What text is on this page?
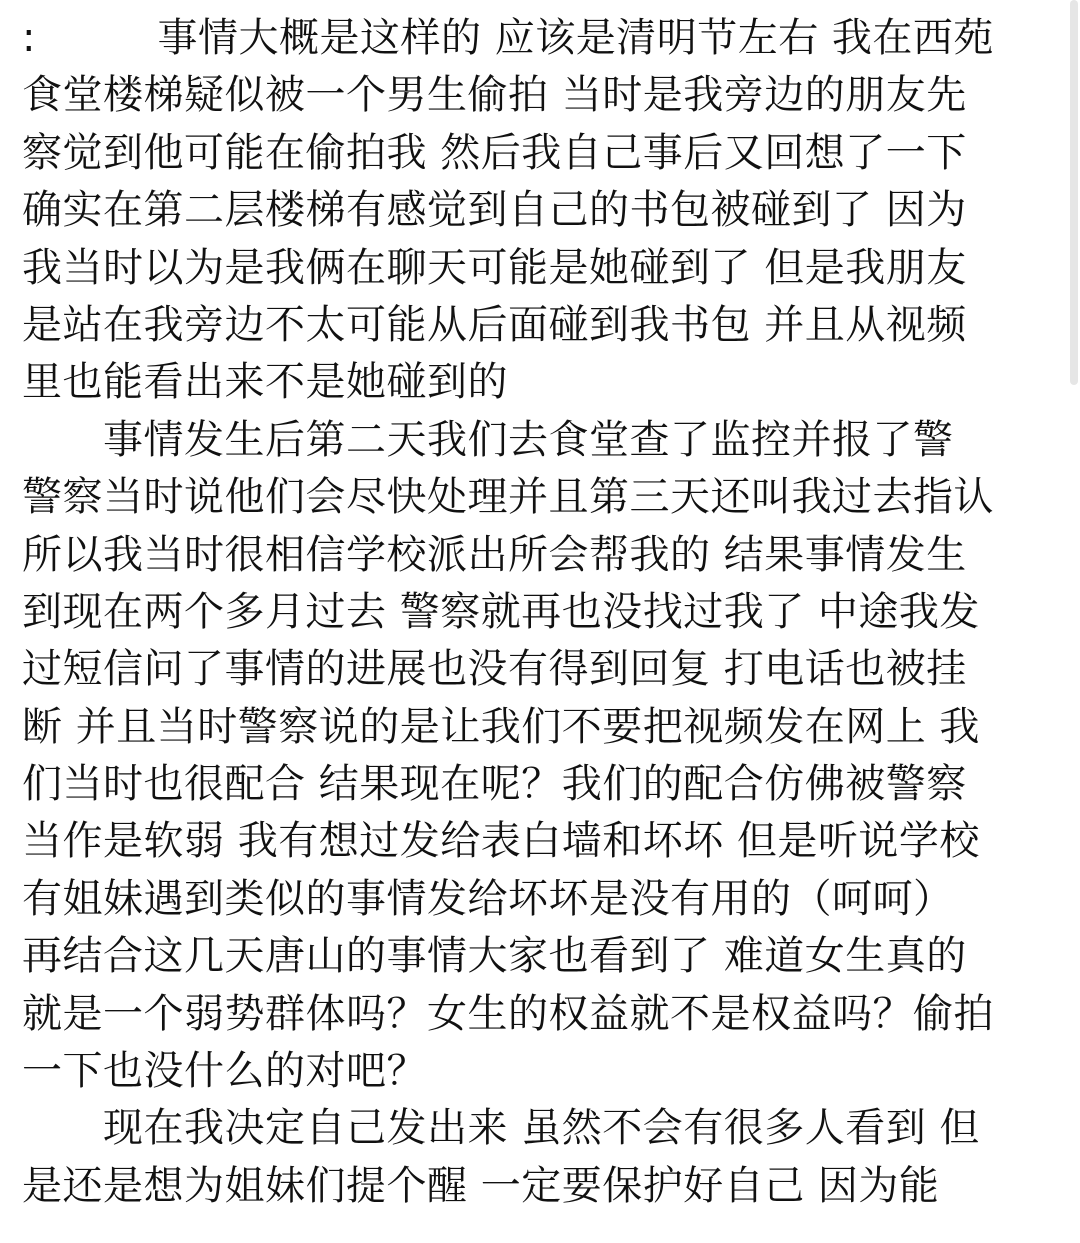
:　　　事情大概是这样的 应该是清明节左右 我在西苑
食堂楼梯疑似被一个男生偷拍 当时是我旁边的朋友先
察觉到他可能在偷拍我 然后我自己事后又回想了一下
确实在第二层楼梯有感觉到自己的书包被碰到了 因为
我当时以为是我俩在聊天可能是她碰到了 但是我朋友
是站在我旁边不太可能从后面碰到我书包 并且从视频
里也能看出来不是她碰到的
　　事情发生后第二天我们去食堂查了监控并报了警
警察当时说他们会尽快处理并且第三天还叫我过去指认
所以我当时很相信学校派出所会帮我的 结果事情发生
到现在两个多月过去 警察就再也没找过我了 中途我发
过短信问了事情的进展也没有得到回复 打电话也被挂
断 并且当时警察说的是让我们不要把视频发在网上 我
们当时也很配合 结果现在呢？我们的配合仿佛被警察
当作是软弱 我有想过发给表白墙和坏坏 但是听说学校
有姐妹遇到类似的事情发给坏坏是没有用的（呵呵）
再结合这几天唐山的事情大家也看到了 难道女生真的
就是一个弱势群体吗？女生的权益就不是权益吗？偷拍
一下也没什么的对吧？
　　现在我决定自己发出来 虽然不会有很多人看到 但
是还是想为姐妹们提个醒 一定要保护好自己 因为能
